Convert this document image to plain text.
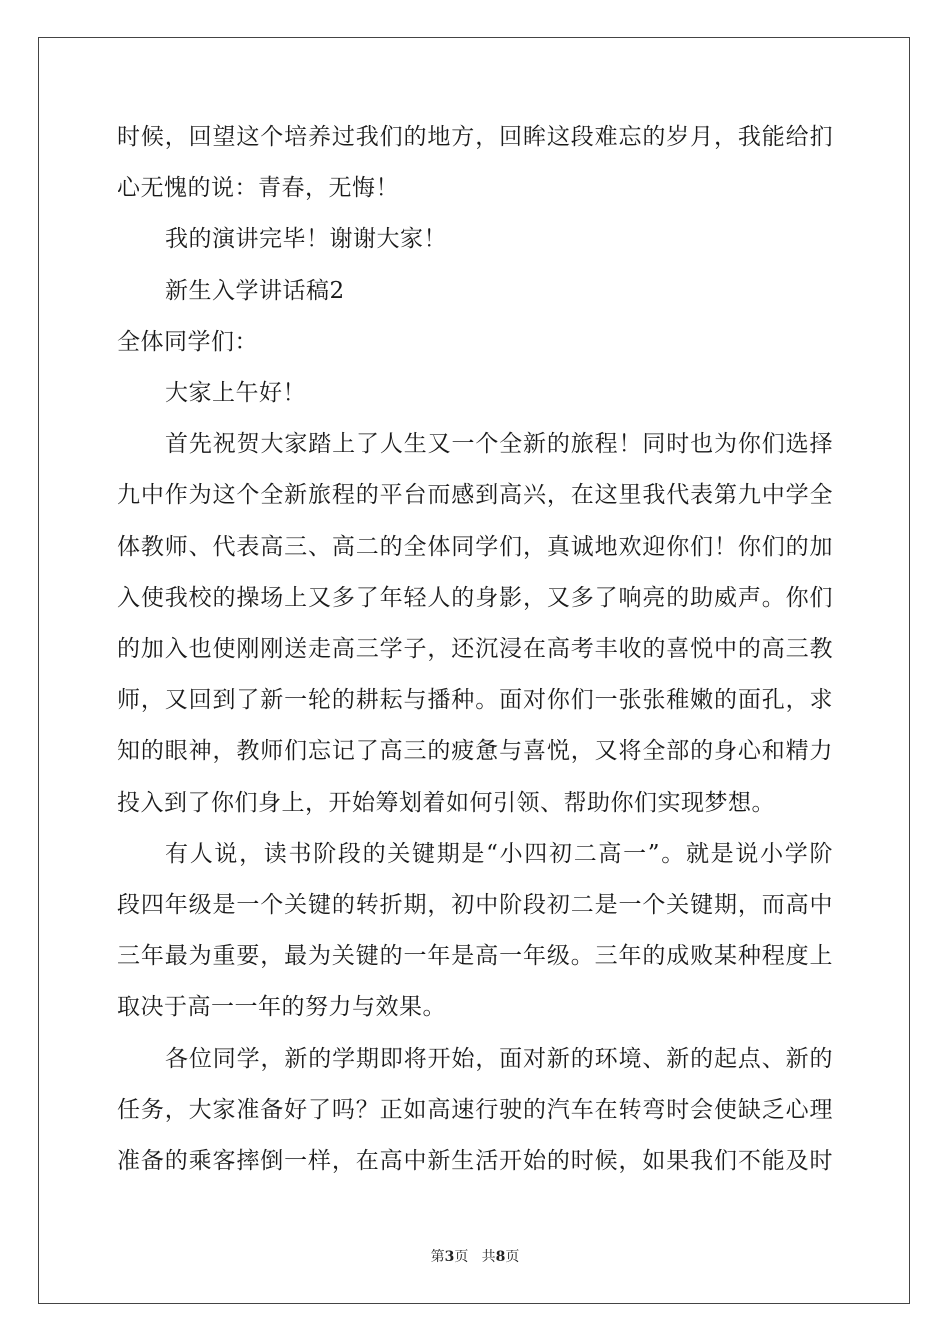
时候，回望这个培养过我们的地方，回眸这段难忘的岁月，我能给扪
心无愧的说：青春，无悔！
我的演讲完毕！谢谢大家！
新生入学讲话稿2
全体同学们：
大家上午好！
首先祝贺大家踏上了人生又一个全新的旅程！同时也为你们选择
九中作为这个全新旅程的平台而感到高兴，在这里我代表第九中学全
体教师、代表高三、高二的全体同学们，真诚地欢迎你们！你们的加
入使我校的操场上又多了年轻人的身影，又多了响亮的助威声。你们
的加入也使刚刚送走高三学子，还沉浸在高考丰收的喜悦中的高三教
师，又回到了新一轮的耕耘与播种。面对你们一张张稚嫩的面孔，求
知的眼神，教师们忘记了高三的疲惫与喜悦，又将全部的身心和精力
投入到了你们身上，开始筹划着如何引领、帮助你们实现梦想。
有人说，读书阶段的关键期是“小四初二高一”。就是说小学阶
段四年级是一个关键的转折期，初中阶段初二是一个关键期，而高中
三年最为重要，最为关键的一年是高一年级。三年的成败某种程度上
取决于高一一年的努力与效果。
各位同学，新的学期即将开始，面对新的环境、新的起点、新的
任务，大家准备好了吗？正如高速行驶的汽车在转弯时会使缺乏心理
准备的乘客摔倒一样，在高中新生活开始的时候，如果我们不能及时
第3页 共8页
